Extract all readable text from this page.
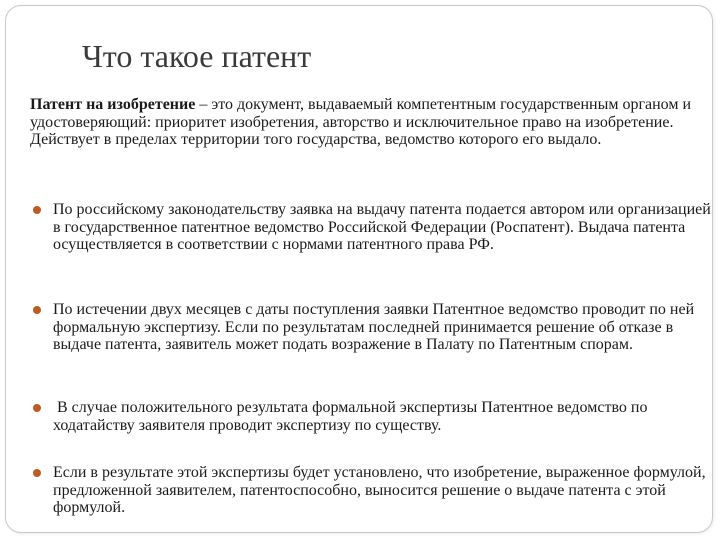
Что такое патент

Патент на изобретение – это документ, выдаваемый компетентным государственным органом и удостоверяющий: приоритет изобретения, авторство и исключительное право на изобретение. Действует в пределах территории того государства, ведомство которого его выдало.

По российскому законодательству заявка на выдачу патента подается автором или организацией в государственное патентное ведомство Российской Федерации (Роспатент). Выдача патента осуществляется в соответствии с нормами патентного права РФ.
По истечении двух месяцев с даты поступления заявки Патентное ведомство проводит по ней формальную экспертизу. Если по результатам последней принимается решение об отказе в выдаче патента, заявитель может подать возражение в Палату по Патентным спорам.
В случае положительного результата формальной экспертизы Патентное ведомство по ходатайству заявителя проводит экспертизу по существу.
Если в результате этой экспертизы будет установлено, что изобретение, выраженное формулой, предложенной заявителем, патентоспособно, выносится решение о выдаче патента с этой формулой.
